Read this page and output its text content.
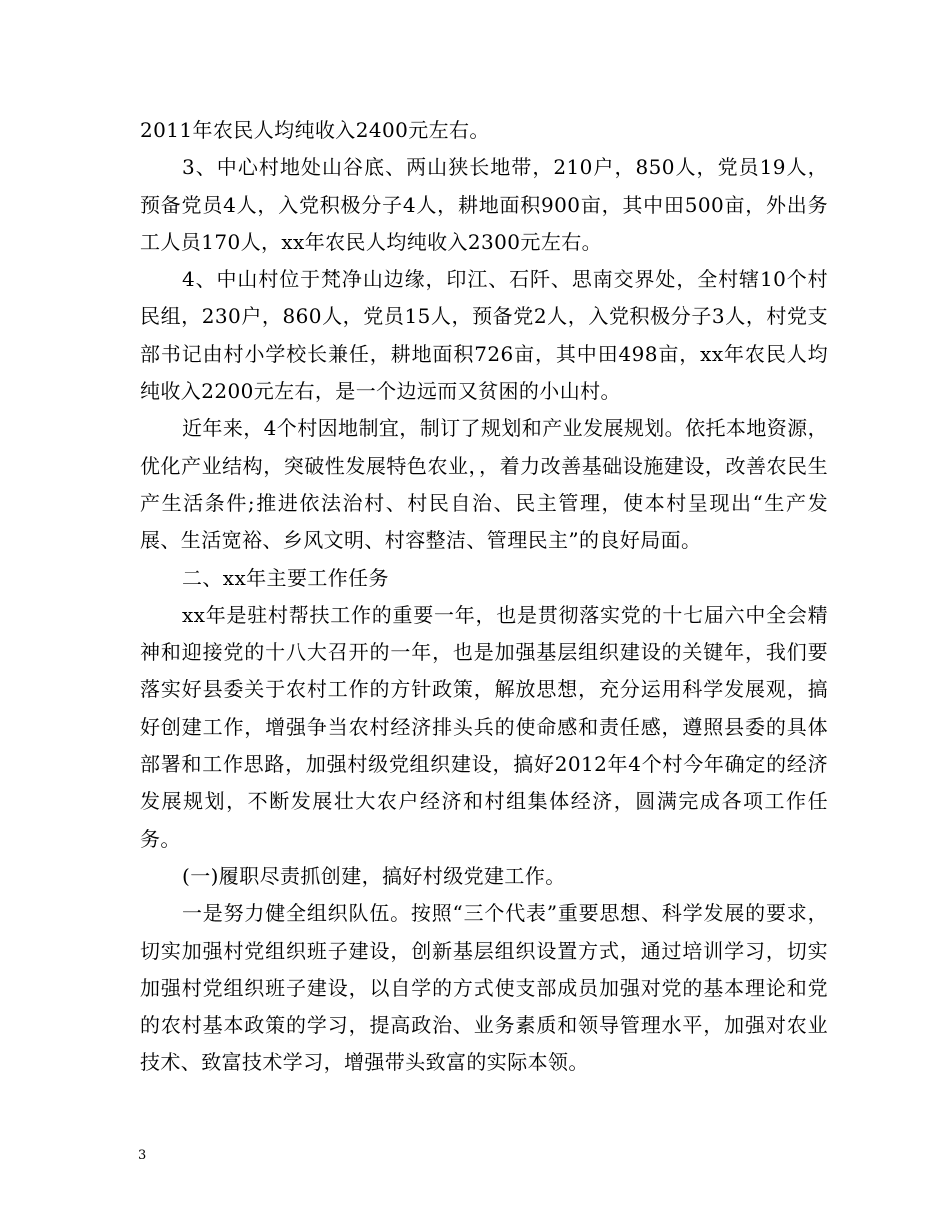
2011年农民人均纯收入2400元左右。

3、中心村地处山谷底、两山狭长地带，210户，850人，党员19人，预备党员4人，入党积极分子4人，耕地面积900亩，其中田500亩，外出务工人员170人，xx年农民人均纯收入2300元左右。

4、中山村位于梵净山边缘，印江、石阡、思南交界处，全村辖10个村民组，230户，860人，党员15人，预备党2人，入党积极分子3人，村党支部书记由村小学校长兼任，耕地面积726亩，其中田498亩，xx年农民人均纯收入2200元左右，是一个边远而又贫困的小山村。

近年来，4个村因地制宜，制订了规划和产业发展规划。依托本地资源，优化产业结构，突破性发展特色农业，，着力改善基础设施建设，改善农民生产生活条件;推进依法治村、村民自治、民主管理，使本村呈现出“生产发展、生活宽裕、乡风文明、村容整洁、管理民主”的良好局面。

二、xx年主要工作任务

xx年是驻村帮扶工作的重要一年，也是贯彻落实党的十七届六中全会精神和迎接党的十八大召开的一年，也是加强基层组织建设的关键年，我们要落实好县委关于农村工作的方针政策，解放思想，充分运用科学发展观，搞好创建工作，增强争当农村经济排头兵的使命感和责任感，遵照县委的具体部署和工作思路，加强村级党组织建设，搞好2012年4个村今年确定的经济发展规划，不断发展壮大农户经济和村组集体经济，圆满完成各项工作任务。

(一)履职尽责抓创建，搞好村级党建工作。

一是努力健全组织队伍。按照“三个代表”重要思想、科学发展的要求，切实加强村党组织班子建设，创新基层组织设置方式，通过培训学习，切实加强村党组织班子建设，以自学的方式使支部成员加强对党的基本理论和党的农村基本政策的学习，提高政治、业务素质和领导管理水平，加强对农业技术、致富技术学习，增强带头致富的实际本领。

3
